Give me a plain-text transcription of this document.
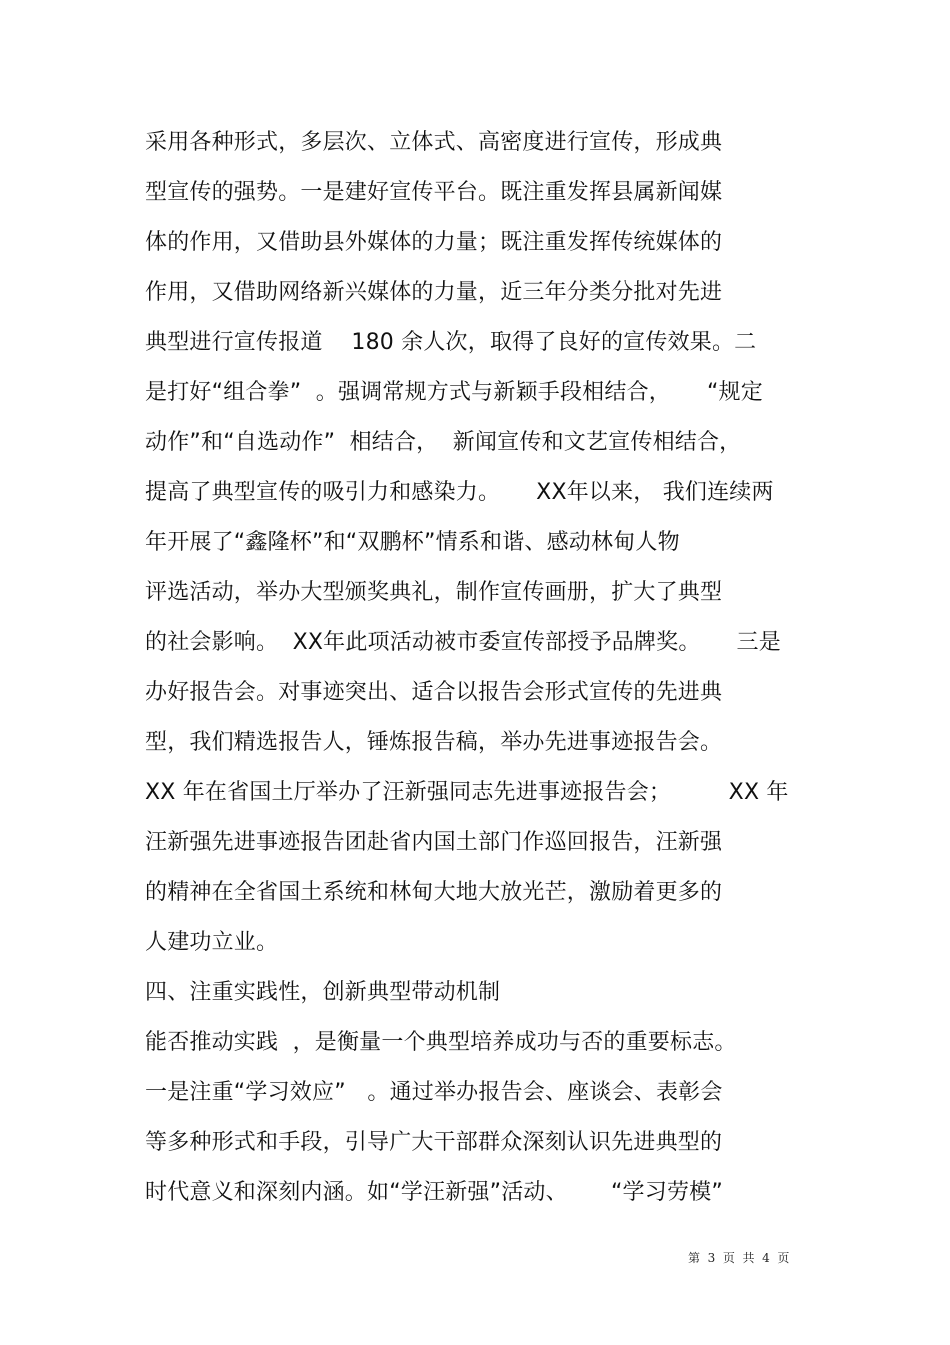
采用各种形式，多层次、立体式、高密度进行宣传，形成典
型宣传的强势。一是建好宣传平台。既注重发挥县属新闻媒
体的作用，又借助县外媒体的力量；既注重发挥传统媒体的
作用，又借助网络新兴媒体的力量，近三年分类分批对先进
典型进行宣传报道    180 余人次，取得了良好的宣传效果。二
是打好“组合拳”  。强调常规方式与新颖手段相结合，     “规定
动作”和“自选动作”  相结合，  新闻宣传和文艺宣传相结合，
提高了典型宣传的吸引力和感染力。     XX年以来， 我们连续两
年开展了“鑫隆杯”和“双鹏杯”情系和谐、感动林甸人物
评选活动，举办大型颁奖典礼，制作宣传画册，扩大了典型
的社会影响。  XX年此项活动被市委宣传部授予品牌奖。     三是
办好报告会。对事迹突出、适合以报告会形式宣传的先进典
型，我们精选报告人，锤炼报告稿，举办先进事迹报告会。
XX 年在省国土厅举办了汪新强同志先进事迹报告会；        XX 年
汪新强先进事迹报告团赴省内国土部门作巡回报告，汪新强
的精神在全省国土系统和林甸大地大放光芒，激励着更多的
人建功立业。
四、注重实践性，创新典型带动机制
能否推动实践  ，是衡量一个典型培养成功与否的重要标志。
一是注重“学习效应”   。通过举办报告会、座谈会、表彰会
等多种形式和手段，引导广大干部群众深刻认识先进典型的
时代意义和深刻内涵。如“学汪新强”活动、      “学习劳模”
第  3  页  共  4  页
